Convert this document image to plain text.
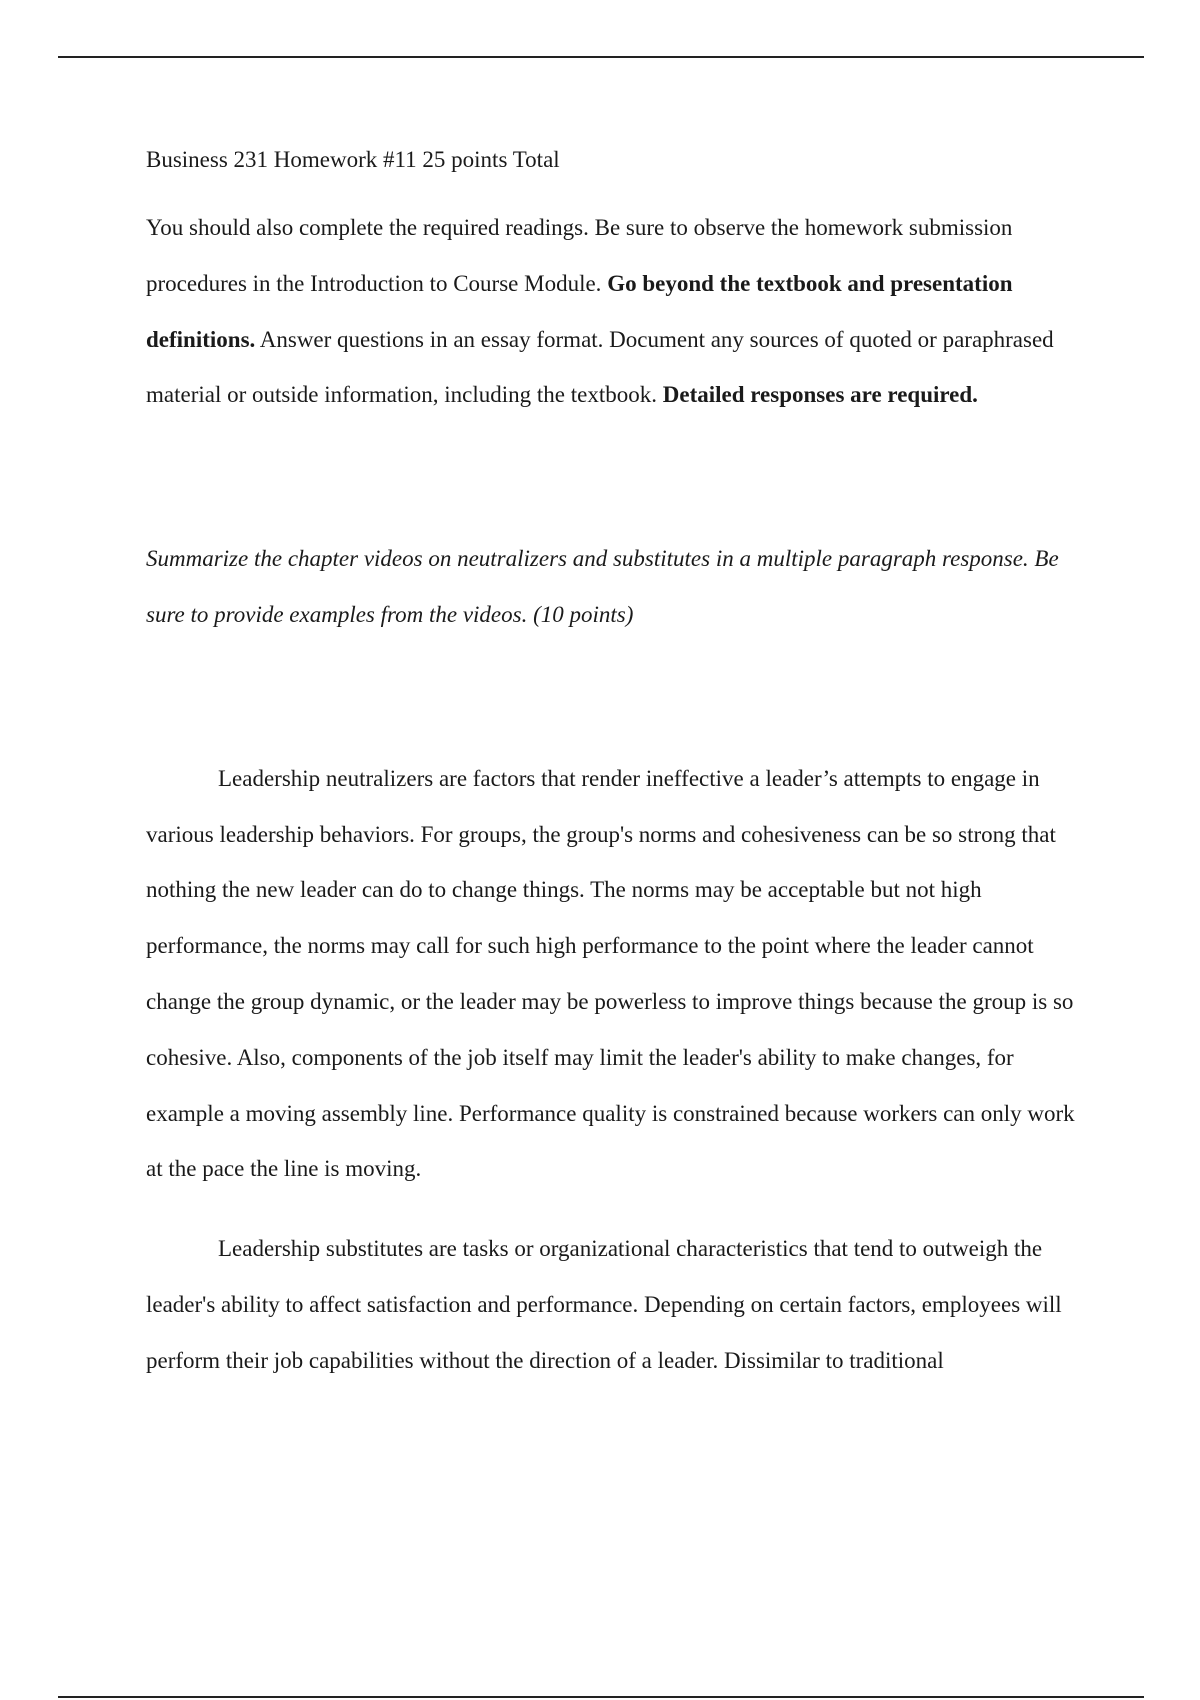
Business 231 Homework #11 25 points Total

You should also complete the required readings. Be sure to observe the homework submission procedures in the Introduction to Course Module. Go beyond the textbook and presentation definitions. Answer questions in an essay format. Document any sources of quoted or paraphrased material or outside information, including the textbook. Detailed responses are required.

Summarize the chapter videos on neutralizers and substitutes in a multiple paragraph response. Be sure to provide examples from the videos. (10 points)

Leadership neutralizers are factors that render ineffective a leader’s attempts to engage in various leadership behaviors. For groups, the group's norms and cohesiveness can be so strong that nothing the new leader can do to change things. The norms may be acceptable but not high performance, the norms may call for such high performance to the point where the leader cannot change the group dynamic, or the leader may be powerless to improve things because the group is so cohesive. Also, components of the job itself may limit the leader's ability to make changes, for example a moving assembly line. Performance quality is constrained because workers can only work at the pace the line is moving.

Leadership substitutes are tasks or organizational characteristics that tend to outweigh the leader's ability to affect satisfaction and performance. Depending on certain factors, employees will perform their job capabilities without the direction of a leader. Dissimilar to traditional
